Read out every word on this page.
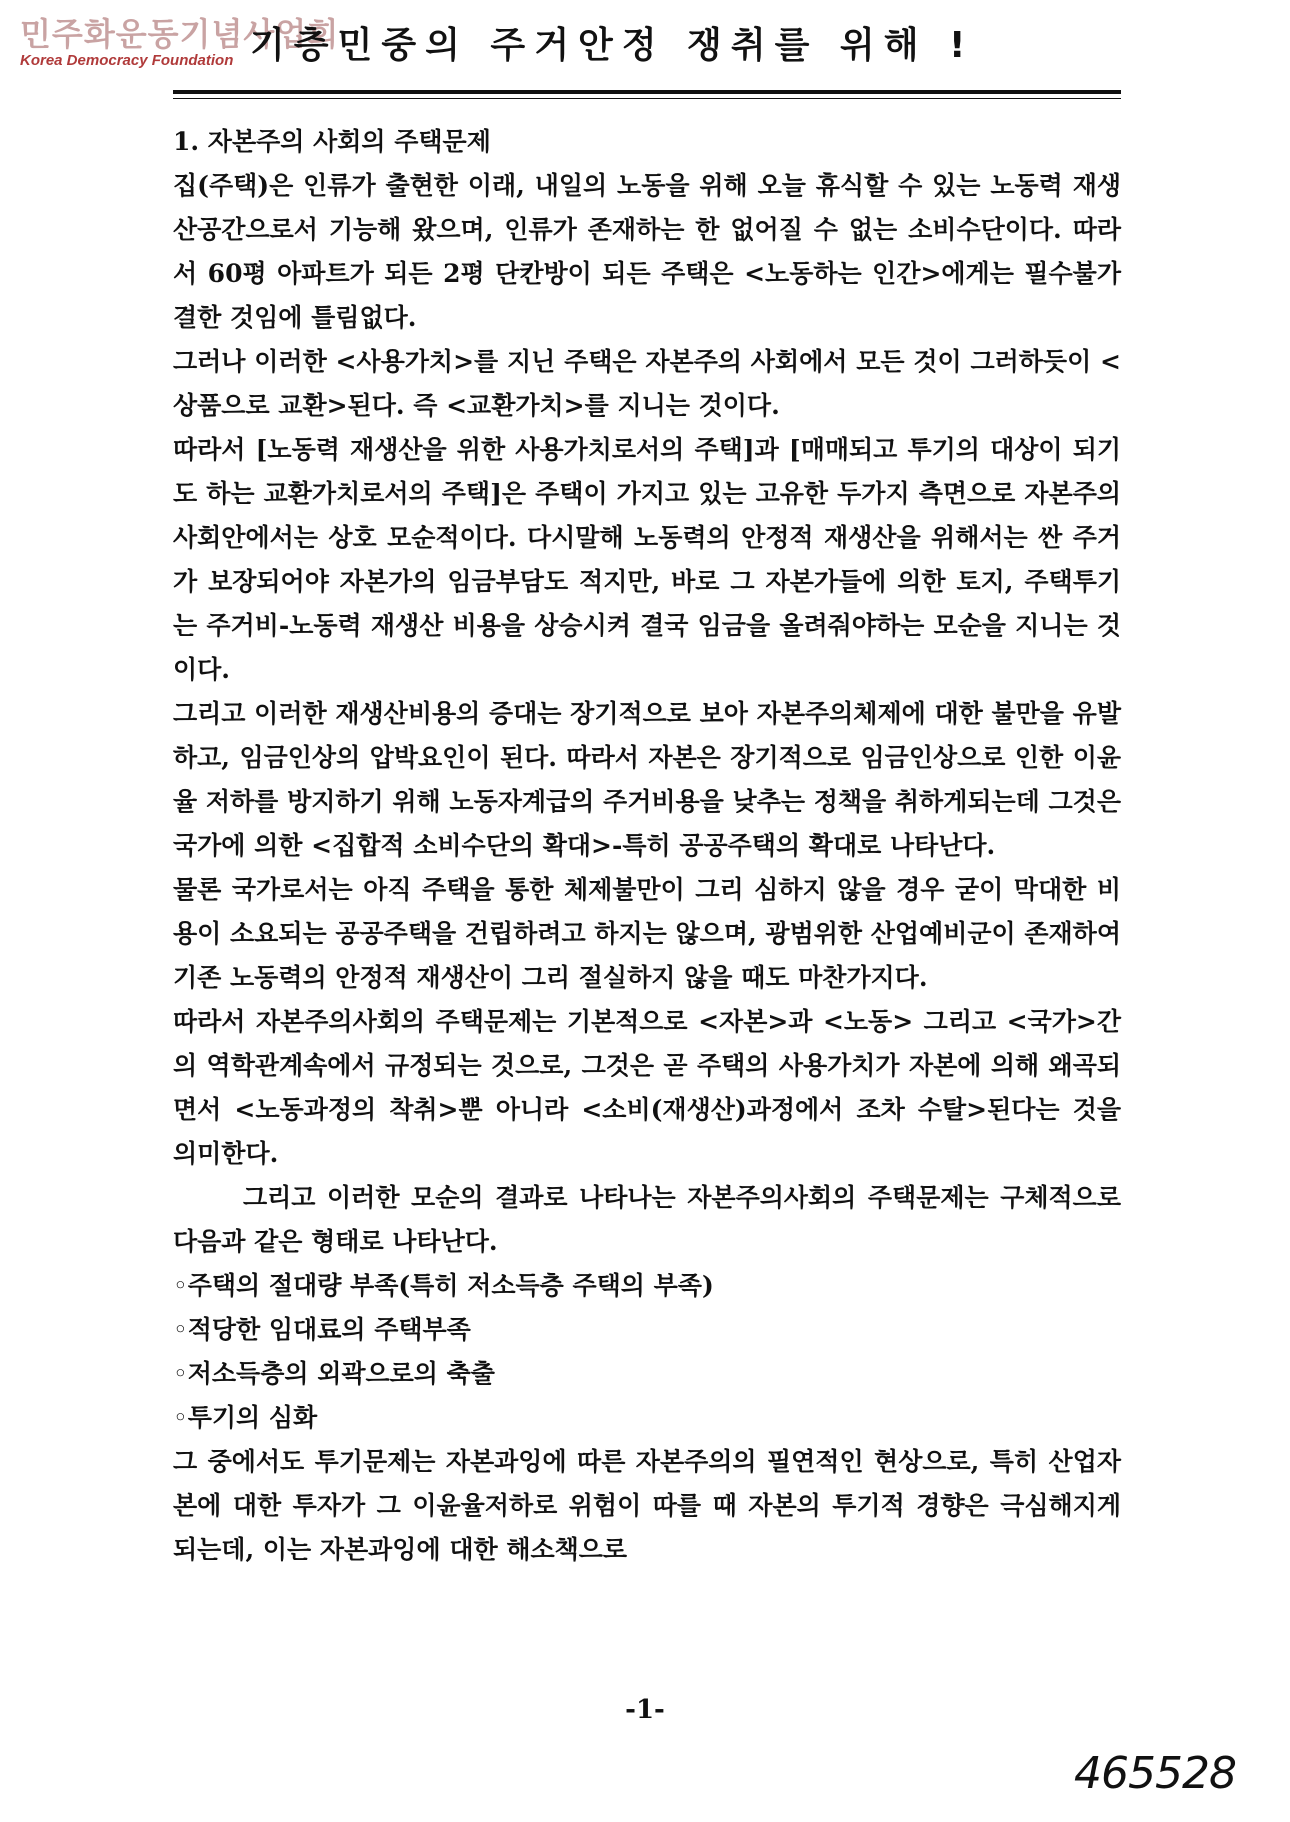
민주화운동기념사업회
Korea Democracy Foundation 기층민중의 주거안정 쟁취를 위해 !

1. 자본주의 사회의 주택문제

집(주택)은 인류가 출현한 이래, 내일의 노동을 위해 오늘 휴식할 수 있는 노동력 재생산공간으로서 기능해 왔으며, 인류가 존재하는 한 없어질 수 없는 소비수단이다. 따라서 60평 아파트가 되든 2평 단칸방이 되든 주택은 <노동하는 인간>에게는 필수불가결한 것임에 틀림없다.

그러나 이러한 <사용가치>를 지닌 주택은 자본주의 사회에서 모든 것이 그러하듯이 <상품으로 교환>된다. 즉 <교환가치>를 지니는 것이다.

따라서 [노동력 재생산을 위한 사용가치로서의 주택]과 [매매되고 투기의 대상이 되기도 하는 교환가치로서의 주택]은 주택이 가지고 있는 고유한 두가지 측면으로 자본주의 사회안에서는 상호 모순적이다. 다시말해 노동력의 안정적 재생산을 위해서는 싼 주거가 보장되어야 자본가의 임금부담도 적지만, 바로 그 자본가들에 의한 토지, 주택투기는 주거비-노동력 재생산 비용을 상승시켜 결국 임금을 올려줘야하는 모순을 지니는 것이다.

그리고 이러한 재생산비용의 증대는 장기적으로 보아 자본주의체제에 대한 불만을 유발하고, 임금인상의 압박요인이 된다. 따라서 자본은 장기적으로 임금인상으로 인한 이윤율 저하를 방지하기 위해 노동자계급의 주거비용을 낮추는 정책을 취하게되는데 그것은 국가에 의한 <집합적 소비수단의 확대>-특히 공공주택의 확대로 나타난다.

물론 국가로서는 아직 주택을 통한 체제불만이 그리 심하지 않을 경우 굳이 막대한 비용이 소요되는 공공주택을 건립하려고 하지는 않으며, 광범위한 산업예비군이 존재하여 기존 노동력의 안정적 재생산이 그리 절실하지 않을 때도 마찬가지다.

따라서 자본주의사회의 주택문제는 기본적으로 <자본>과 <노동> 그리고 <국가>간의 역학관계속에서 규정되는 것으로, 그것은 곧 주택의 사용가치가 자본에 의해 왜곡되면서 <노동과정의 착취>뿐 아니라 <소비(재생산)과정에서 조차 수탈>된다는 것을 의미한다.

그리고 이러한 모순의 결과로 나타나는 자본주의사회의 주택문제는 구체적으로 다음과 같은 형태로 나타난다.

◦주택의 절대량 부족(특히 저소득층 주택의 부족)
◦적당한 임대료의 주택부족
◦저소득층의 외곽으로의 축출
◦투기의 심화

그 중에서도 투기문제는 자본과잉에 따른 자본주의의 필연적인 현상으로, 특히 산업자본에 대한 투자가 그 이윤율저하로 위험이 따를 때 자본의 투기적 경향은 극심해지게 되는데, 이는 자본과잉에 대한 해소책으로

-1-
465528
